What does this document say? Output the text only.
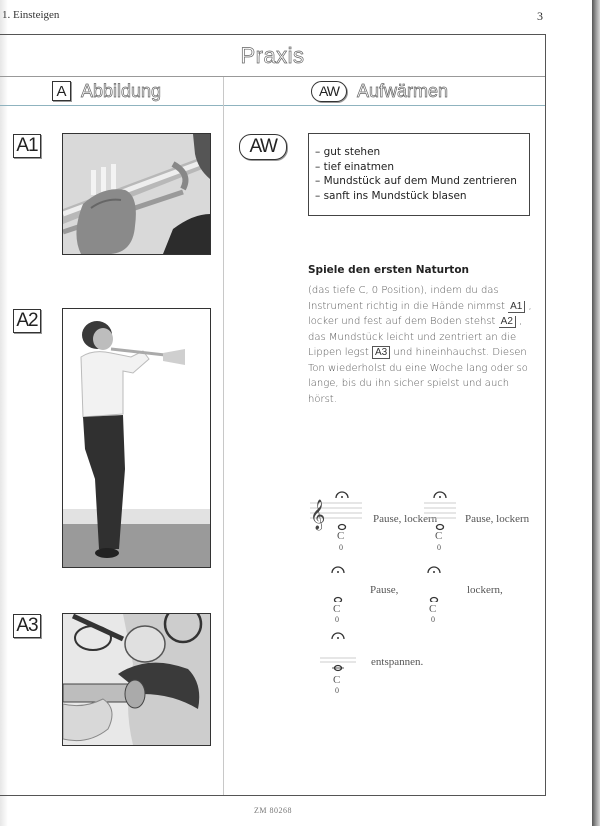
1. Einsteigen	3
Praxis
A Abbildung	AW Aufwärmen
A1
A2
A3
AW	– gut stehen
– tief einatmen
– Mundstück auf dem Mund zentrieren
– sanft ins Mundstück blasen
Spiele den ersten Naturton
(das tiefe C, 0 Position), indem du das Instrument richtig in die Hände nimmst A1 , locker und fest auf dem Boden stehst A2 , das Mundstück leicht und zentriert an die Lippen legst A3 und hineinhauchst. Diesen Ton wiederholst du eine Woche lang oder so lange, bis du ihn sicher spielst und auch hörst.
𝄞
C
0
Pause, lockern
C
0
Pause, lockern
C
0
Pause,
C
0
lockern,
C
0
entspannen.
ZM 80268
